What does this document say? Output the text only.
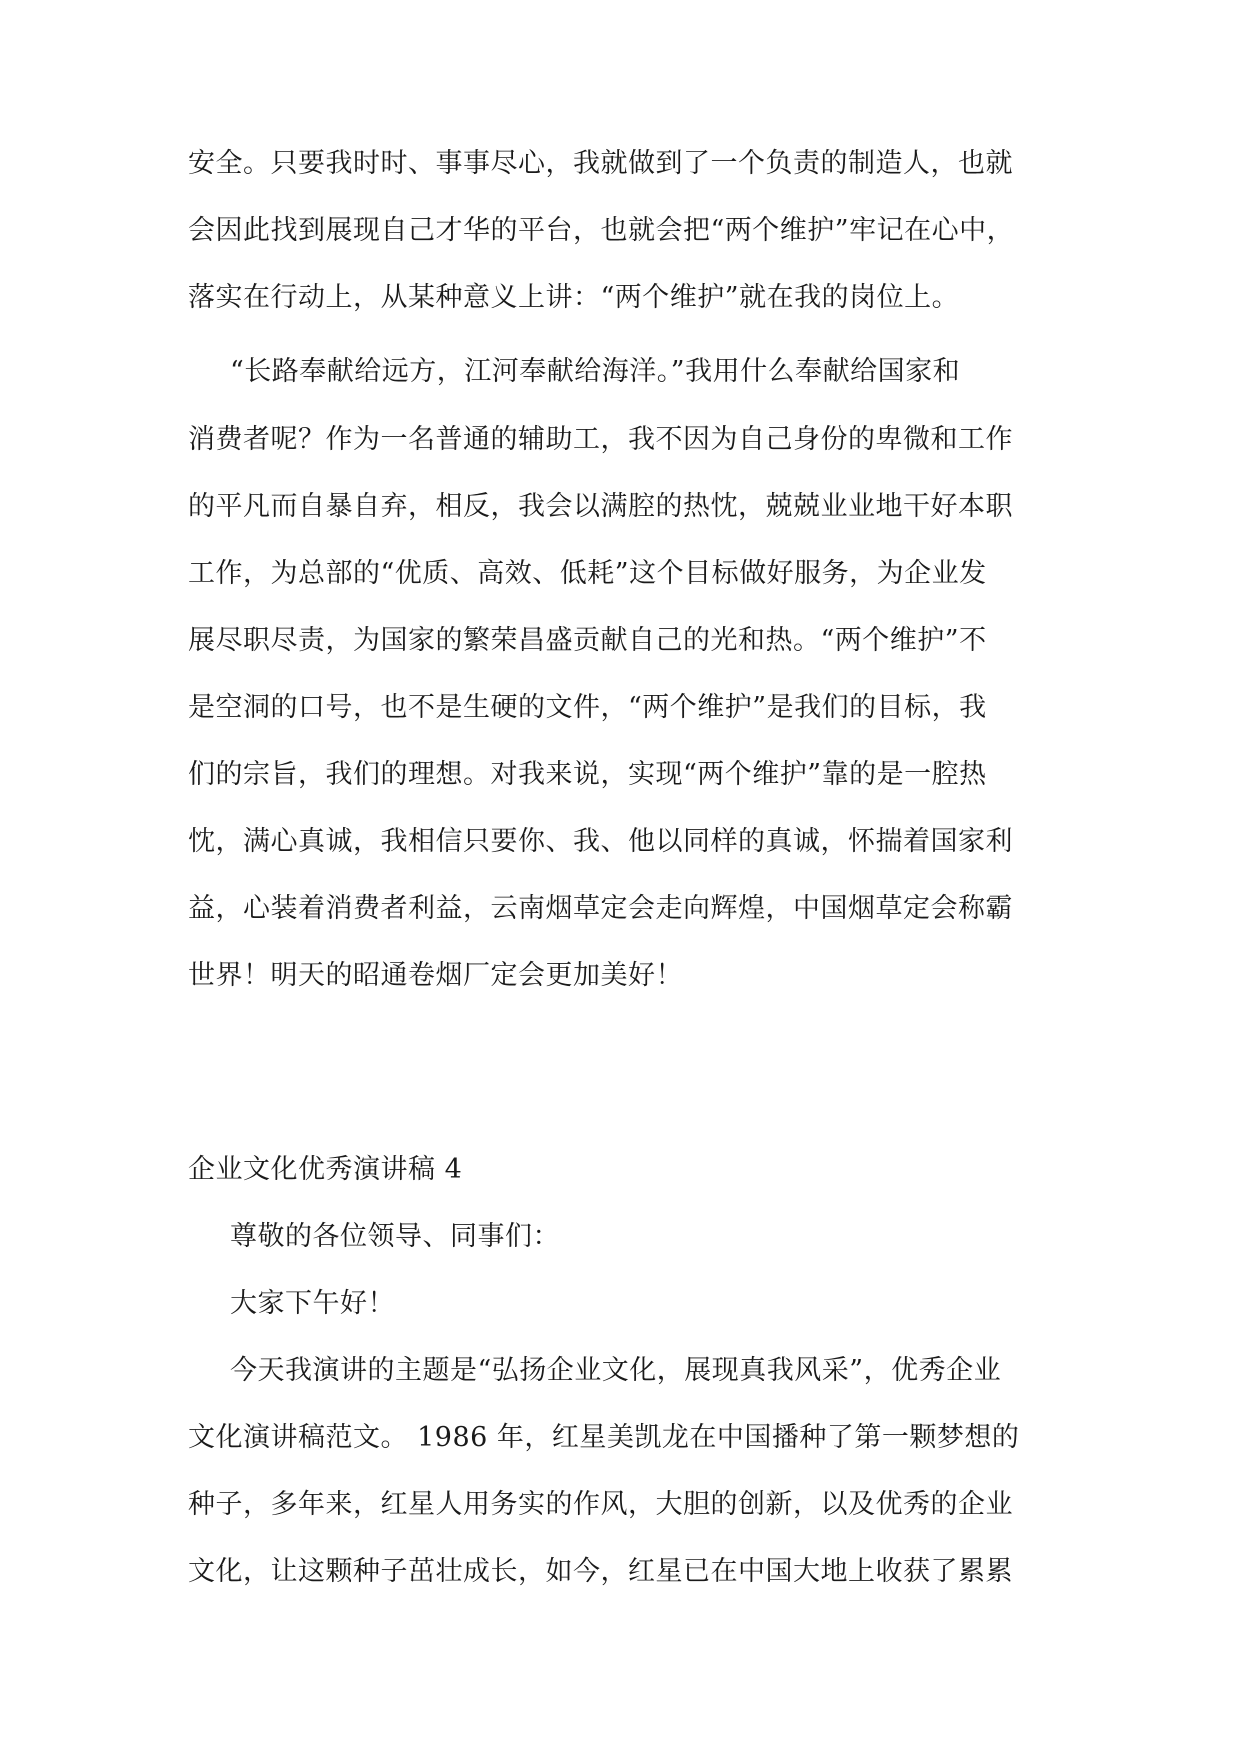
安全。只要我时时、事事尽心，我就做到了一个负责的制造人，也就
会因此找到展现自己才华的平台，也就会把“两个维护”牢记在心中，
落实在行动上，从某种意义上讲：“两个维护”就在我的岗位上。
“长路奉献给远方，江河奉献给海洋。”我用什么奉献给国家和
消费者呢？作为一名普通的辅助工，我不因为自己身份的卑微和工作
的平凡而自暴自弃，相反，我会以满腔的热忱，兢兢业业地干好本职
工作，为总部的“优质、高效、低耗”这个目标做好服务，为企业发
展尽职尽责，为国家的繁荣昌盛贡献自己的光和热。“两个维护”不
是空洞的口号，也不是生硬的文件，“两个维护”是我们的目标，我
们的宗旨，我们的理想。对我来说，实现“两个维护”靠的是一腔热
忱，满心真诚，我相信只要你、我、他以同样的真诚，怀揣着国家利
益，心装着消费者利益，云南烟草定会走向辉煌，中国烟草定会称霸
世界！明天的昭通卷烟厂定会更加美好！
企业文化优秀演讲稿 4
尊敬的各位领导、同事们：
大家下午好！
今天我演讲的主题是“弘扬企业文化，展现真我风采”，优秀企业
文化演讲稿范文。 1986 年，红星美凯龙在中国播种了第一颗梦想的
种子，多年来，红星人用务实的作风，大胆的创新，以及优秀的企业
文化，让这颗种子茁壮成长，如今，红星已在中国大地上收获了累累
